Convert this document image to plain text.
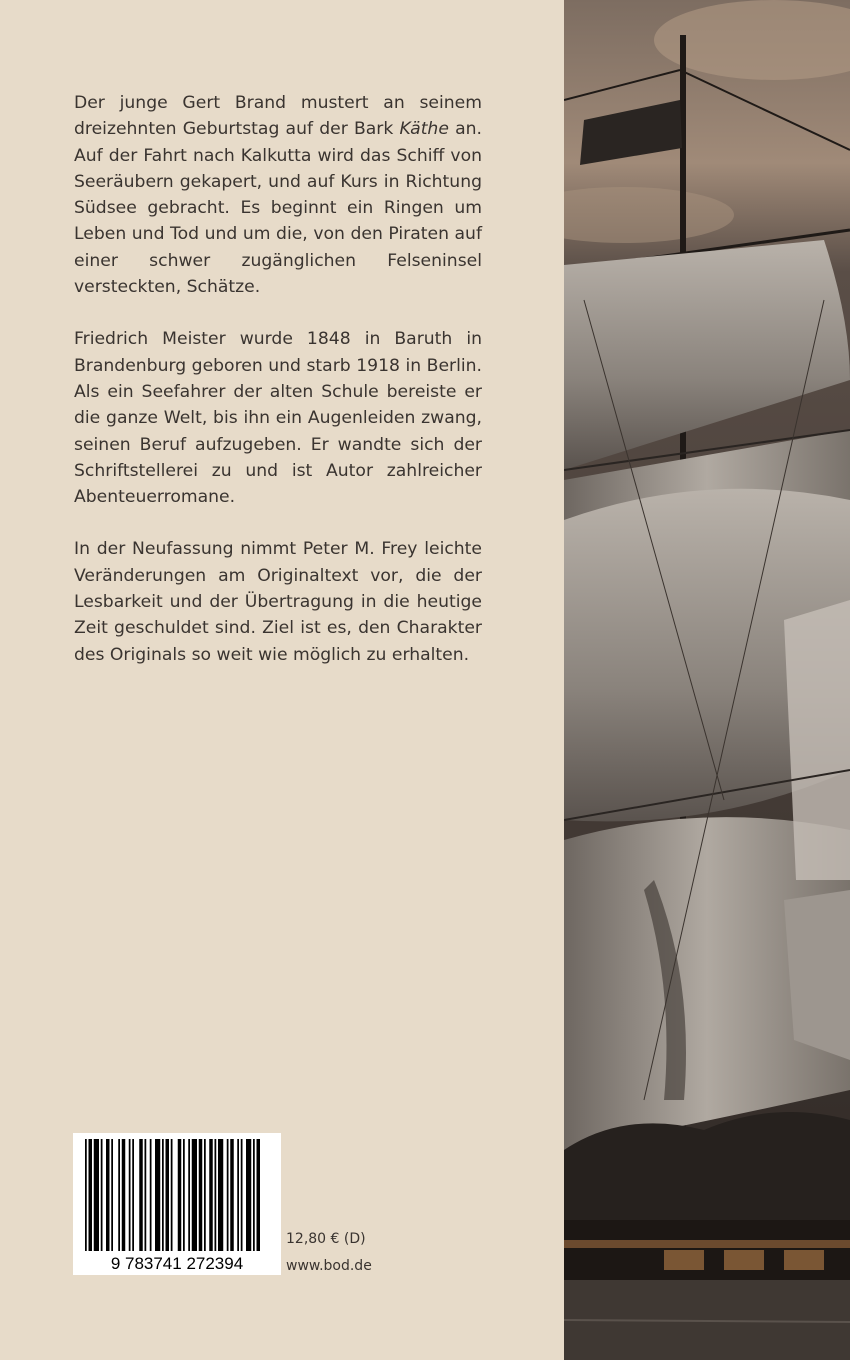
Der junge Gert Brand mustert an seinem dreizehnten Geburtstag auf der Bark Käthe an. Auf der Fahrt nach Kalkutta wird das Schiff von Seeräubern gekapert, und auf Kurs in Richtung Südsee gebracht. Es beginnt ein Ringen um Leben und Tod und um die, von den Piraten auf einer schwer zugänglichen Felseninsel versteckten, Schätze.

Friedrich Meister wurde 1848 in Baruth in Brandenburg geboren und starb 1918 in Berlin. Als ein Seefahrer der alten Schule bereiste er die ganze Welt, bis ihn ein Augenleiden zwang, seinen Beruf aufzugeben. Er wandte sich der Schriftstellerei zu und ist Autor zahlreicher Abenteuerromane.

In der Neufassung nimmt Peter M. Frey leichte Veränderungen am Originaltext vor, die der Lesbarkeit und der Übertragung in die heutige Zeit geschuldet sind. Ziel ist es, den Charakter des Originals so weit wie möglich zu erhalten.

9 783741 272394
12,80 € (D)
www.bod.de
